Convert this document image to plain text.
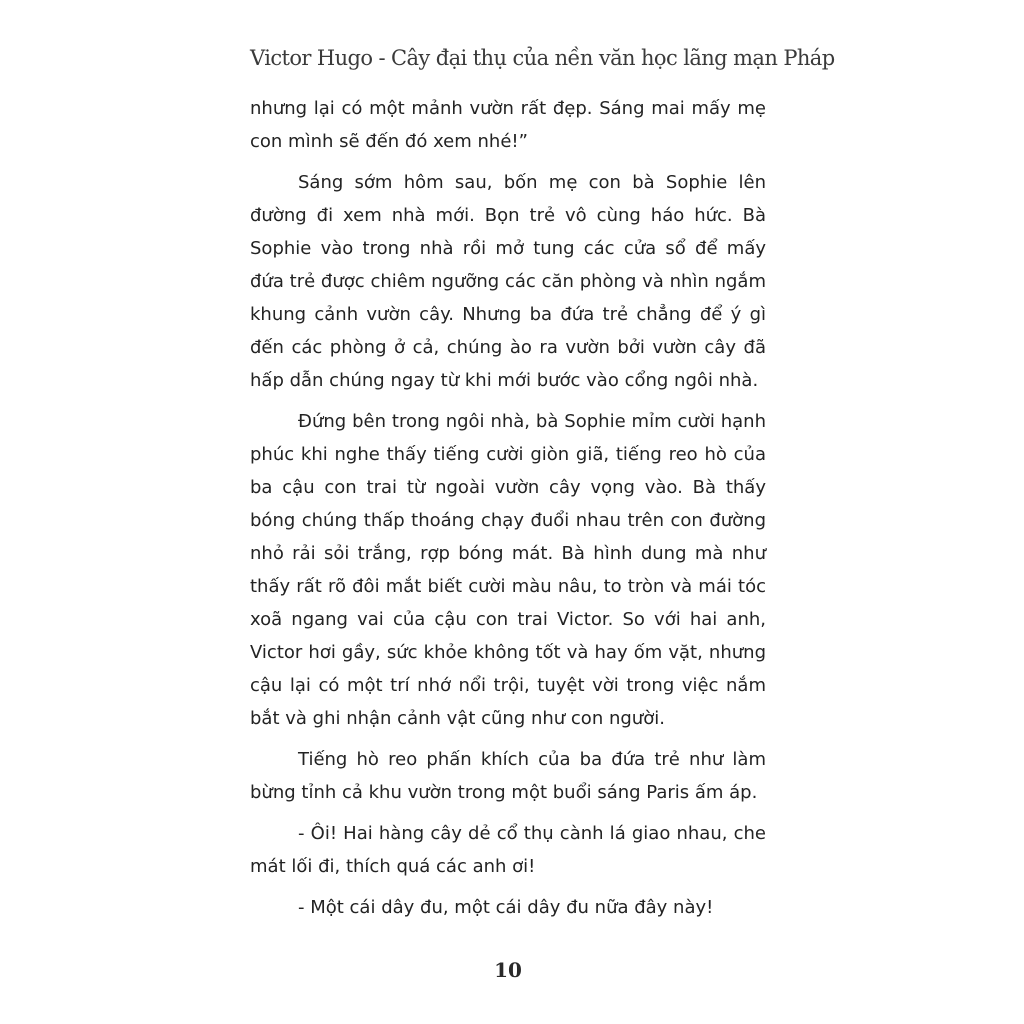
Victor Hugo - Cây đại thụ của nền văn học lãng mạn Pháp

nhưng lại có một mảnh vườn rất đẹp. Sáng mai mấy mẹ con mình sẽ đến đó xem nhé!”

Sáng sớm hôm sau, bốn mẹ con bà Sophie lên đường đi xem nhà mới. Bọn trẻ vô cùng háo hức. Bà Sophie vào trong nhà rồi mở tung các cửa sổ để mấy đứa trẻ được chiêm ngưỡng các căn phòng và nhìn ngắm khung cảnh vườn cây. Nhưng ba đứa trẻ chẳng để ý gì đến các phòng ở cả, chúng ào ra vườn bởi vườn cây đã hấp dẫn chúng ngay từ khi mới bước vào cổng ngôi nhà.

Đứng bên trong ngôi nhà, bà Sophie mỉm cười hạnh phúc khi nghe thấy tiếng cười giòn giã, tiếng reo hò của ba cậu con trai từ ngoài vườn cây vọng vào. Bà thấy bóng chúng thấp thoáng chạy đuổi nhau trên con đường nhỏ rải sỏi trắng, rợp bóng mát. Bà hình dung mà như thấy rất rõ đôi mắt biết cười màu nâu, to tròn và mái tóc xoã ngang vai của cậu con trai Victor. So với hai anh, Victor hơi gầy, sức khỏe không tốt và hay ốm vặt, nhưng cậu lại có một trí nhớ nổi trội, tuyệt vời trong việc nắm bắt và ghi nhận cảnh vật cũng như con người.

Tiếng hò reo phấn khích của ba đứa trẻ như làm bừng tỉnh cả khu vườn trong một buổi sáng Paris ấm áp.

- Ôi! Hai hàng cây dẻ cổ thụ cành lá giao nhau, che mát lối đi, thích quá các anh ơi!

- Một cái dây đu, một cái dây đu nữa đây này!

10
